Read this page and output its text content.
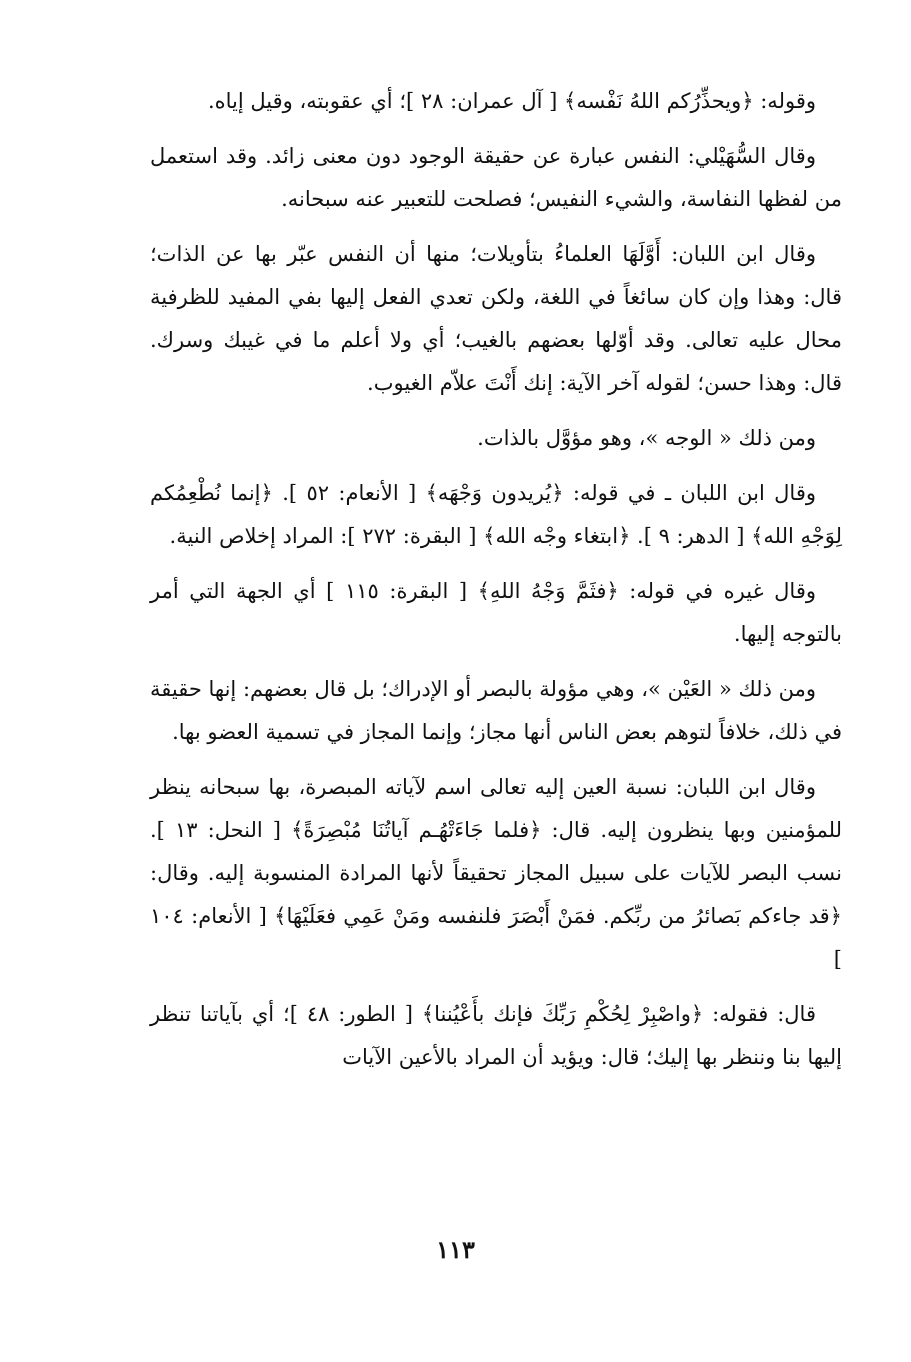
وقوله: ﴿ويحذِّرُكم اللهُ نَفْسه﴾ [ آل عمران: ٢٨ ]؛ أي عقوبته، وقيل إياه.

وقال السُّهَيْلي: النفس عبارة عن حقيقة الوجود دون معنى زائد. وقد استعمل من لفظها النفاسة، والشيء النفيس؛ فصلحت للتعبير عنه سبحانه.

وقال ابن اللبان: أَوَّلَهَا العلماءُ بتأويلات؛ منها أن النفس عبّر بها عن الذات؛ قال: وهذا وإن كان سائغاً في اللغة، ولكن تعدي الفعل إليها بفي المفيد للظرفية محال عليه تعالى. وقد أوّلها بعضهم بالغيب؛ أي ولا أعلم ما في غيبك وسرك. قال: وهذا حسن؛ لقوله آخر الآية: إنك أَنْتَ علاّم الغيوب.

ومن ذلك « الوجه »، وهو مؤوَّل بالذات.

وقال ابن اللبان ـ في قوله: ﴿يُريدون وَجْهَه﴾ [ الأنعام: ٥٢ ]. ﴿إنما نُطْعِمُكم لِوَجْهِ الله﴾ [ الدهر: ٩ ]. ﴿ابتغاء وجْه الله﴾ [ البقرة: ٢٧٢ ]: المراد إخلاص النية.

وقال غيره في قوله: ﴿فثَمَّ وَجْهُ اللهِ﴾ [ البقرة: ١١٥ ] أي الجهة التي أمر بالتوجه إليها.

ومن ذلك « العَيْن »، وهي مؤولة بالبصر أو الإدراك؛ بل قال بعضهم: إنها حقيقة في ذلك، خلافاً لتوهم بعض الناس أنها مجاز؛ وإنما المجاز في تسمية العضو بها.

وقال ابن اللبان: نسبة العين إليه تعالى اسم لآياته المبصرة، بها سبحانه ينظر للمؤمنين وبها ينظرون إليه. قال: ﴿فلما جَاءَتْهُـم آياتُنَا مُبْصِرَةً﴾ [ النحل: ١٣ ]. نسب البصر للآيات على سبيل المجاز تحقيقاً لأنها المرادة المنسوبة إليه. وقال: ﴿قد جاءكم بَصائرُ من ربِّكم. فمَنْ أَبْصَرَ فلنفسه ومَنْ عَمِي فعَلَيْهَا﴾ [ الأنعام: ١٠٤ ]

قال: فقوله: ﴿واصْبِرْ لِحُكْمِ رَبِّكَ فإنك بأَعْيُننا﴾ [ الطور: ٤٨ ]؛ أي بآياتنا تنظر إليها بنا وننظر بها إليك؛ قال: ويؤيد أن المراد بالأعين الآيات

١١٣
